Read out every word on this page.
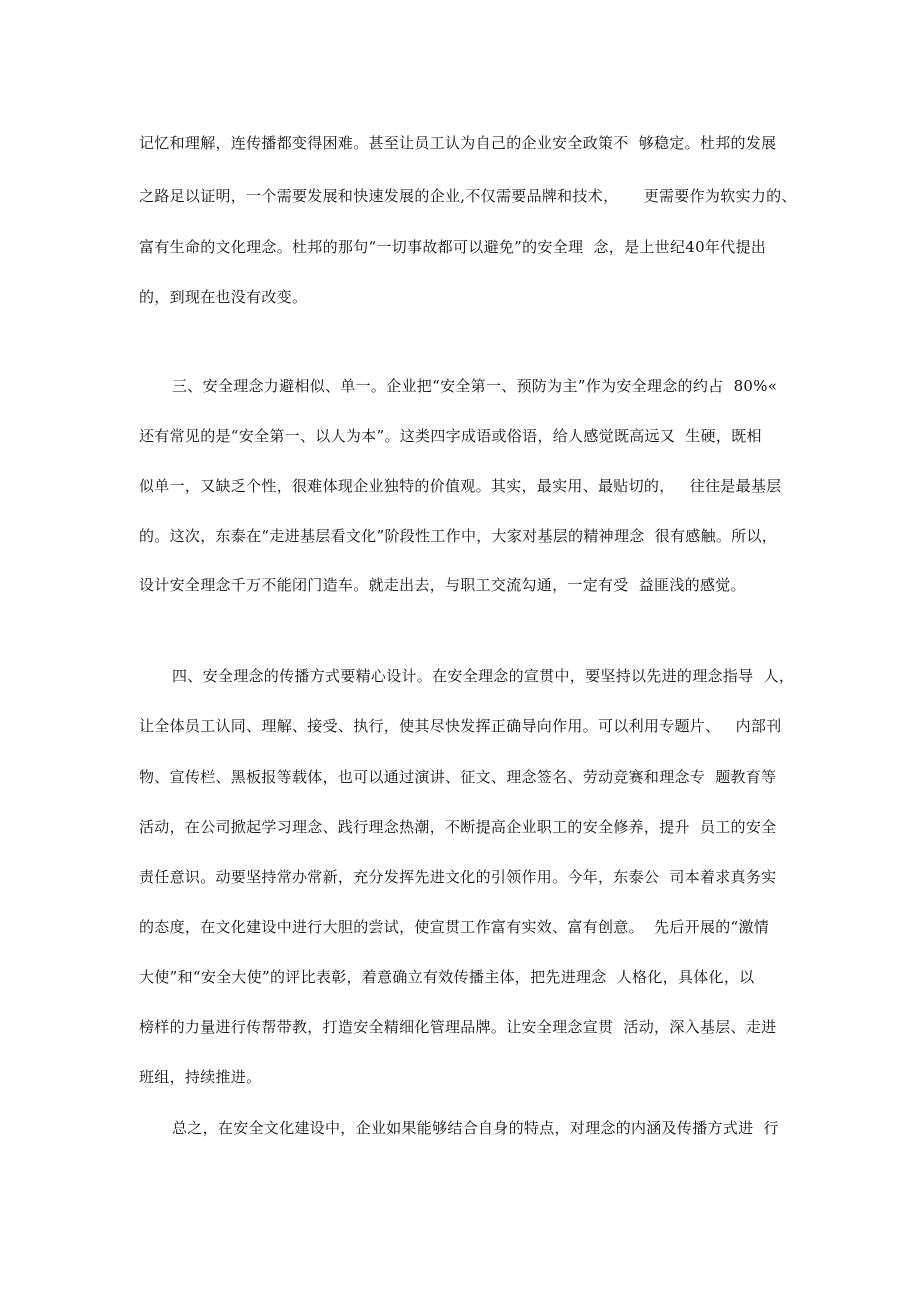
记忆和理解，连传播都变得困难。甚至让员工认为自己的企业安全政策不  够稳定。杜邦的发展
之路足以证明，一个需要发展和快速发展的企业,不仅需要品牌和技术，     更需要作为软实力的、
富有生命的文化理念。杜邦的那句“一切事故都可以避免”的安全理  念，是上世纪40年代提出
的，到现在也没有改变。
三、安全理念力避相似、单一。企业把“安全第一、预防为主”作为安全理念的约占  80%«
还有常见的是“安全第一、以人为本”。这类四字成语或俗语，给人感觉既高远又  生硬，既相
似单一，又缺乏个性，很难体现企业独特的价值观。其实，最实用、最贴切的，   往往是最基层
的。这次，东泰在“走进基层看文化”阶段性工作中，大家对基层的精神理念  很有感触。所以，
设计安全理念千万不能闭门造车。就走出去，与职工交流勾通，一定有受  益匪浅的感觉。
四、安全理念的传播方式要精心设计。在安全理念的宣贯中，要坚持以先进的理念指导  人，
让全体员工认同、理解、接受、执行，使其尽快发挥正确导向作用。可以利用专题片、   内部刊
物、宣传栏、黑板报等载体，也可以通过演讲、征文、理念签名、劳动竞赛和理念专  题教育等
活动，在公司掀起学习理念、践行理念热潮，不断提高企业职工的安全修养，提升  员工的安全
责任意识。动要坚持常办常新，充分发挥先进文化的引领作用。今年，东泰公  司本着求真务实
的态度，在文化建设中进行大胆的尝试，使宣贯工作富有实效、富有创意。  先后开展的“激情
大使”和“安全大使”的评比表彰，着意确立有效传播主体，把先进理念  人格化，具体化，以
榜样的力量进行传帮带教，打造安全精细化管理品牌。让安全理念宣贯  活动，深入基层、走进
班组，持续推进。
总之，在安全文化建设中，企业如果能够结合自身的特点，对理念的内涵及传播方式进  行
